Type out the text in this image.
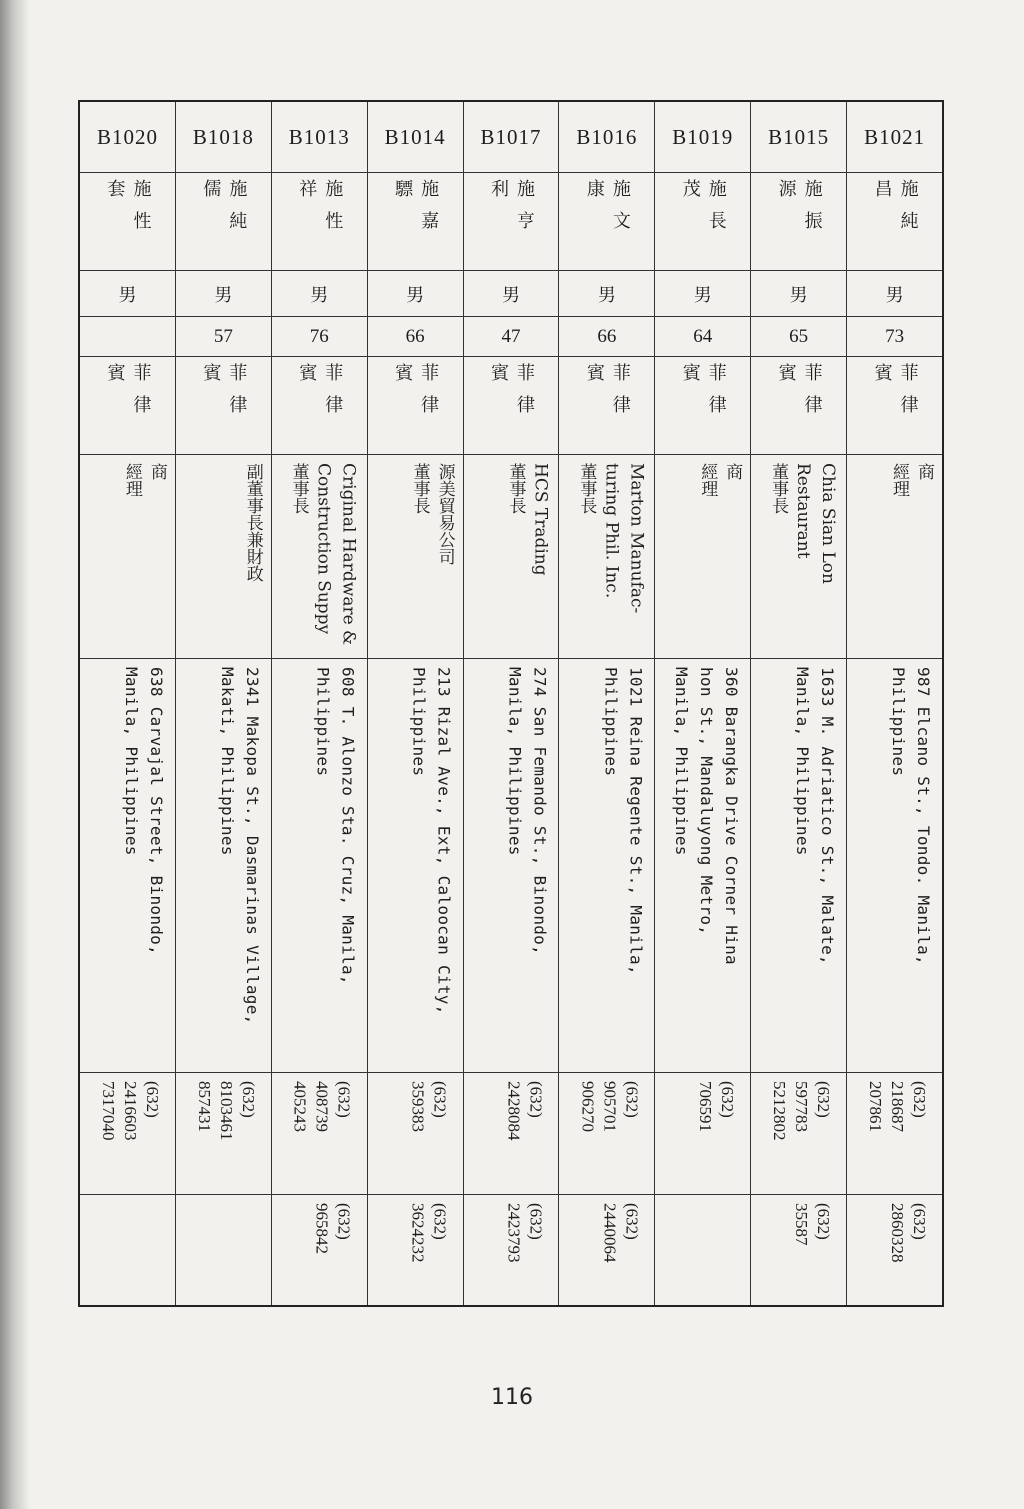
B1020
施性套
男
菲律賓
商
經理
638 Carvajal Street, Binondo,
Manila, Philippines
(632)
2416603
7317040
B1018
施純儒
男
57
菲律賓
副董事長兼財政
2341 Makopa St., Dasmarinas Village,
Makati, Philippines
(632)
8103461
857431
B1013
施性祥
男
76
菲律賓
Criginal Hardware &
Construction Suppy
董事長
608 T. Alonzo Sta. Cruz, Manila,
Philippines
(632)
408739
405243
(632)
965842
B1014
施嘉驃
男
66
菲律賓
源美貿易公司
董事長
213 Rizal Ave., Ext, Caloocan City,
Philippines
(632)
359383
(632)
3624232
B1017
施亨利
男
47
菲律賓
HCS Trading
董事長
274 San Femando St., Binondo,
Manila, Philippines
(632)
2428084
(632)
2423793
B1016
施文康
男
66
菲律賓
Marton Manufac-
turing Phil. Inc.
董事長
1021 Reina Regente St., Manila,
Philippines
(632)
905701
906270
(632)
2440064
B1019
施長茂
男
64
菲律賓
商
經理
360 Barangka Drive Corner Hina
hon St., Mandaluyong Metro,
Manila, Philippines
(632)
706591
B1015
施振源
男
65
菲律賓
Chia Sian Lon
Restaurant
董事長
1633 M. Adriatico St., Malate,
Manila, Philippines
(632)
597783
5212802
(632)
35587
B1021
施純昌
男
73
菲律賓
商
經理
987 Elcano St., Tondo. Manila,
Philippines
(632)
218687
207861
(632)
2860328
116
